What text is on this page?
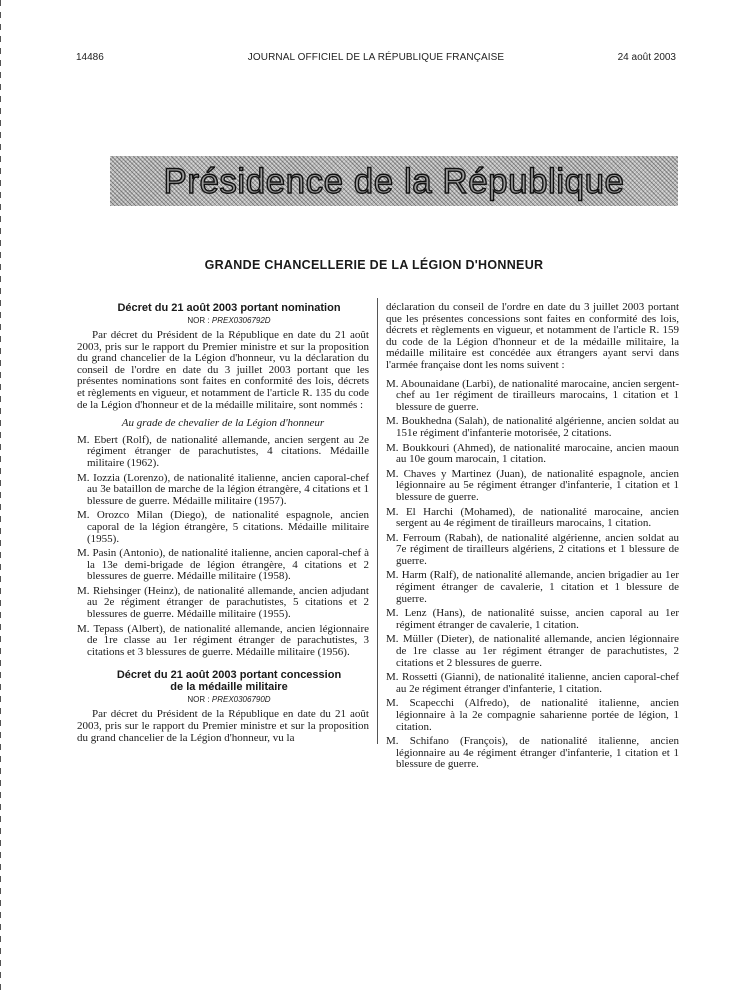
14486	JOURNAL OFFICIEL DE LA RÉPUBLIQUE FRANÇAISE	24 août 2003
Présidence de la République
GRANDE CHANCELLERIE DE LA LÉGION D'HONNEUR
Décret du 21 août 2003 portant nomination
NOR : PREX0306792D

Par décret du Président de la République en date du 21 août 2003, pris sur le rapport du Premier ministre et sur la proposition du grand chancelier de la Légion d'honneur, vu la déclaration du conseil de l'ordre en date du 3 juillet 2003 portant que les présentes nominations sont faites en conformité des lois, décrets et règlements en vigueur, et notamment de l'article R. 135 du code de la Légion d'honneur et de la médaille militaire, sont nommés :

Au grade de chevalier de la Légion d'honneur
M. Ebert (Rolf), de nationalité allemande, ancien sergent au 2e régiment étranger de parachutistes, 4 citations. Médaille militaire (1962).
M. Iozzia (Lorenzo), de nationalité italienne, ancien caporal-chef au 3e bataillon de marche de la légion étrangère, 4 citations et 1 blessure de guerre. Médaille militaire (1957).
M. Orozco Milan (Diego), de nationalité espagnole, ancien caporal de la légion étrangère, 5 citations. Médaille militaire (1955).
M. Pasin (Antonio), de nationalité italienne, ancien caporal-chef à la 13e demi-brigade de légion étrangère, 4 citations et 2 blessures de guerre. Médaille militaire (1958).
M. Riehsinger (Heinz), de nationalité allemande, ancien adjudant au 2e régiment étranger de parachutistes, 5 citations et 2 blessures de guerre. Médaille militaire (1955).
M. Tepass (Albert), de nationalité allemande, ancien légionnaire de 1re classe au 1er régiment étranger de parachutistes, 3 citations et 3 blessures de guerre. Médaille militaire (1956).
Décret du 21 août 2003 portant concession
de la médaille militaire
NOR : PREX0306790D

Par décret du Président de la République en date du 21 août 2003, pris sur le rapport du Premier ministre et sur la proposition du grand chancelier de la Légion d'honneur, vu la

déclaration du conseil de l'ordre en date du 3 juillet 2003 portant que les présentes concessions sont faites en conformité des lois, décrets et règlements en vigueur, et notamment de l'article R. 159 du code de la Légion d'honneur et de la médaille militaire, la médaille militaire est concédée aux étrangers ayant servi dans l'armée française dont les noms suivent :

M. Abounaidane (Larbi), de nationalité marocaine, ancien sergent-chef au 1er régiment de tirailleurs marocains, 1 citation et 1 blessure de guerre.
M. Boukhedna (Salah), de nationalité algérienne, ancien soldat au 151e régiment d'infanterie motorisée, 2 citations.
M. Boukkouri (Ahmed), de nationalité marocaine, ancien maoun au 10e goum marocain, 1 citation.
M. Chaves y Martinez (Juan), de nationalité espagnole, ancien légionnaire au 5e régiment étranger d'infanterie, 1 citation et 1 blessure de guerre.
M. El Harchi (Mohamed), de nationalité marocaine, ancien sergent au 4e régiment de tirailleurs marocains, 1 citation.
M. Ferroum (Rabah), de nationalité algérienne, ancien soldat au 7e régiment de tirailleurs algériens, 2 citations et 1 blessure de guerre.
M. Harm (Ralf), de nationalité allemande, ancien brigadier au 1er régiment étranger de cavalerie, 1 citation et 1 blessure de guerre.
M. Lenz (Hans), de nationalité suisse, ancien caporal au 1er régiment étranger de cavalerie, 1 citation.
M. Müller (Dieter), de nationalité allemande, ancien légionnaire de 1re classe au 1er régiment étranger de parachutistes, 2 citations et 2 blessures de guerre.
M. Rossetti (Gianni), de nationalité italienne, ancien caporal-chef au 2e régiment étranger d'infanterie, 1 citation.
M. Scapecchi (Alfredo), de nationalité italienne, ancien légionnaire à la 2e compagnie saharienne portée de légion, 1 citation.
M. Schifano (François), de nationalité italienne, ancien légionnaire au 4e régiment étranger d'infanterie, 1 citation et 1 blessure de guerre.
